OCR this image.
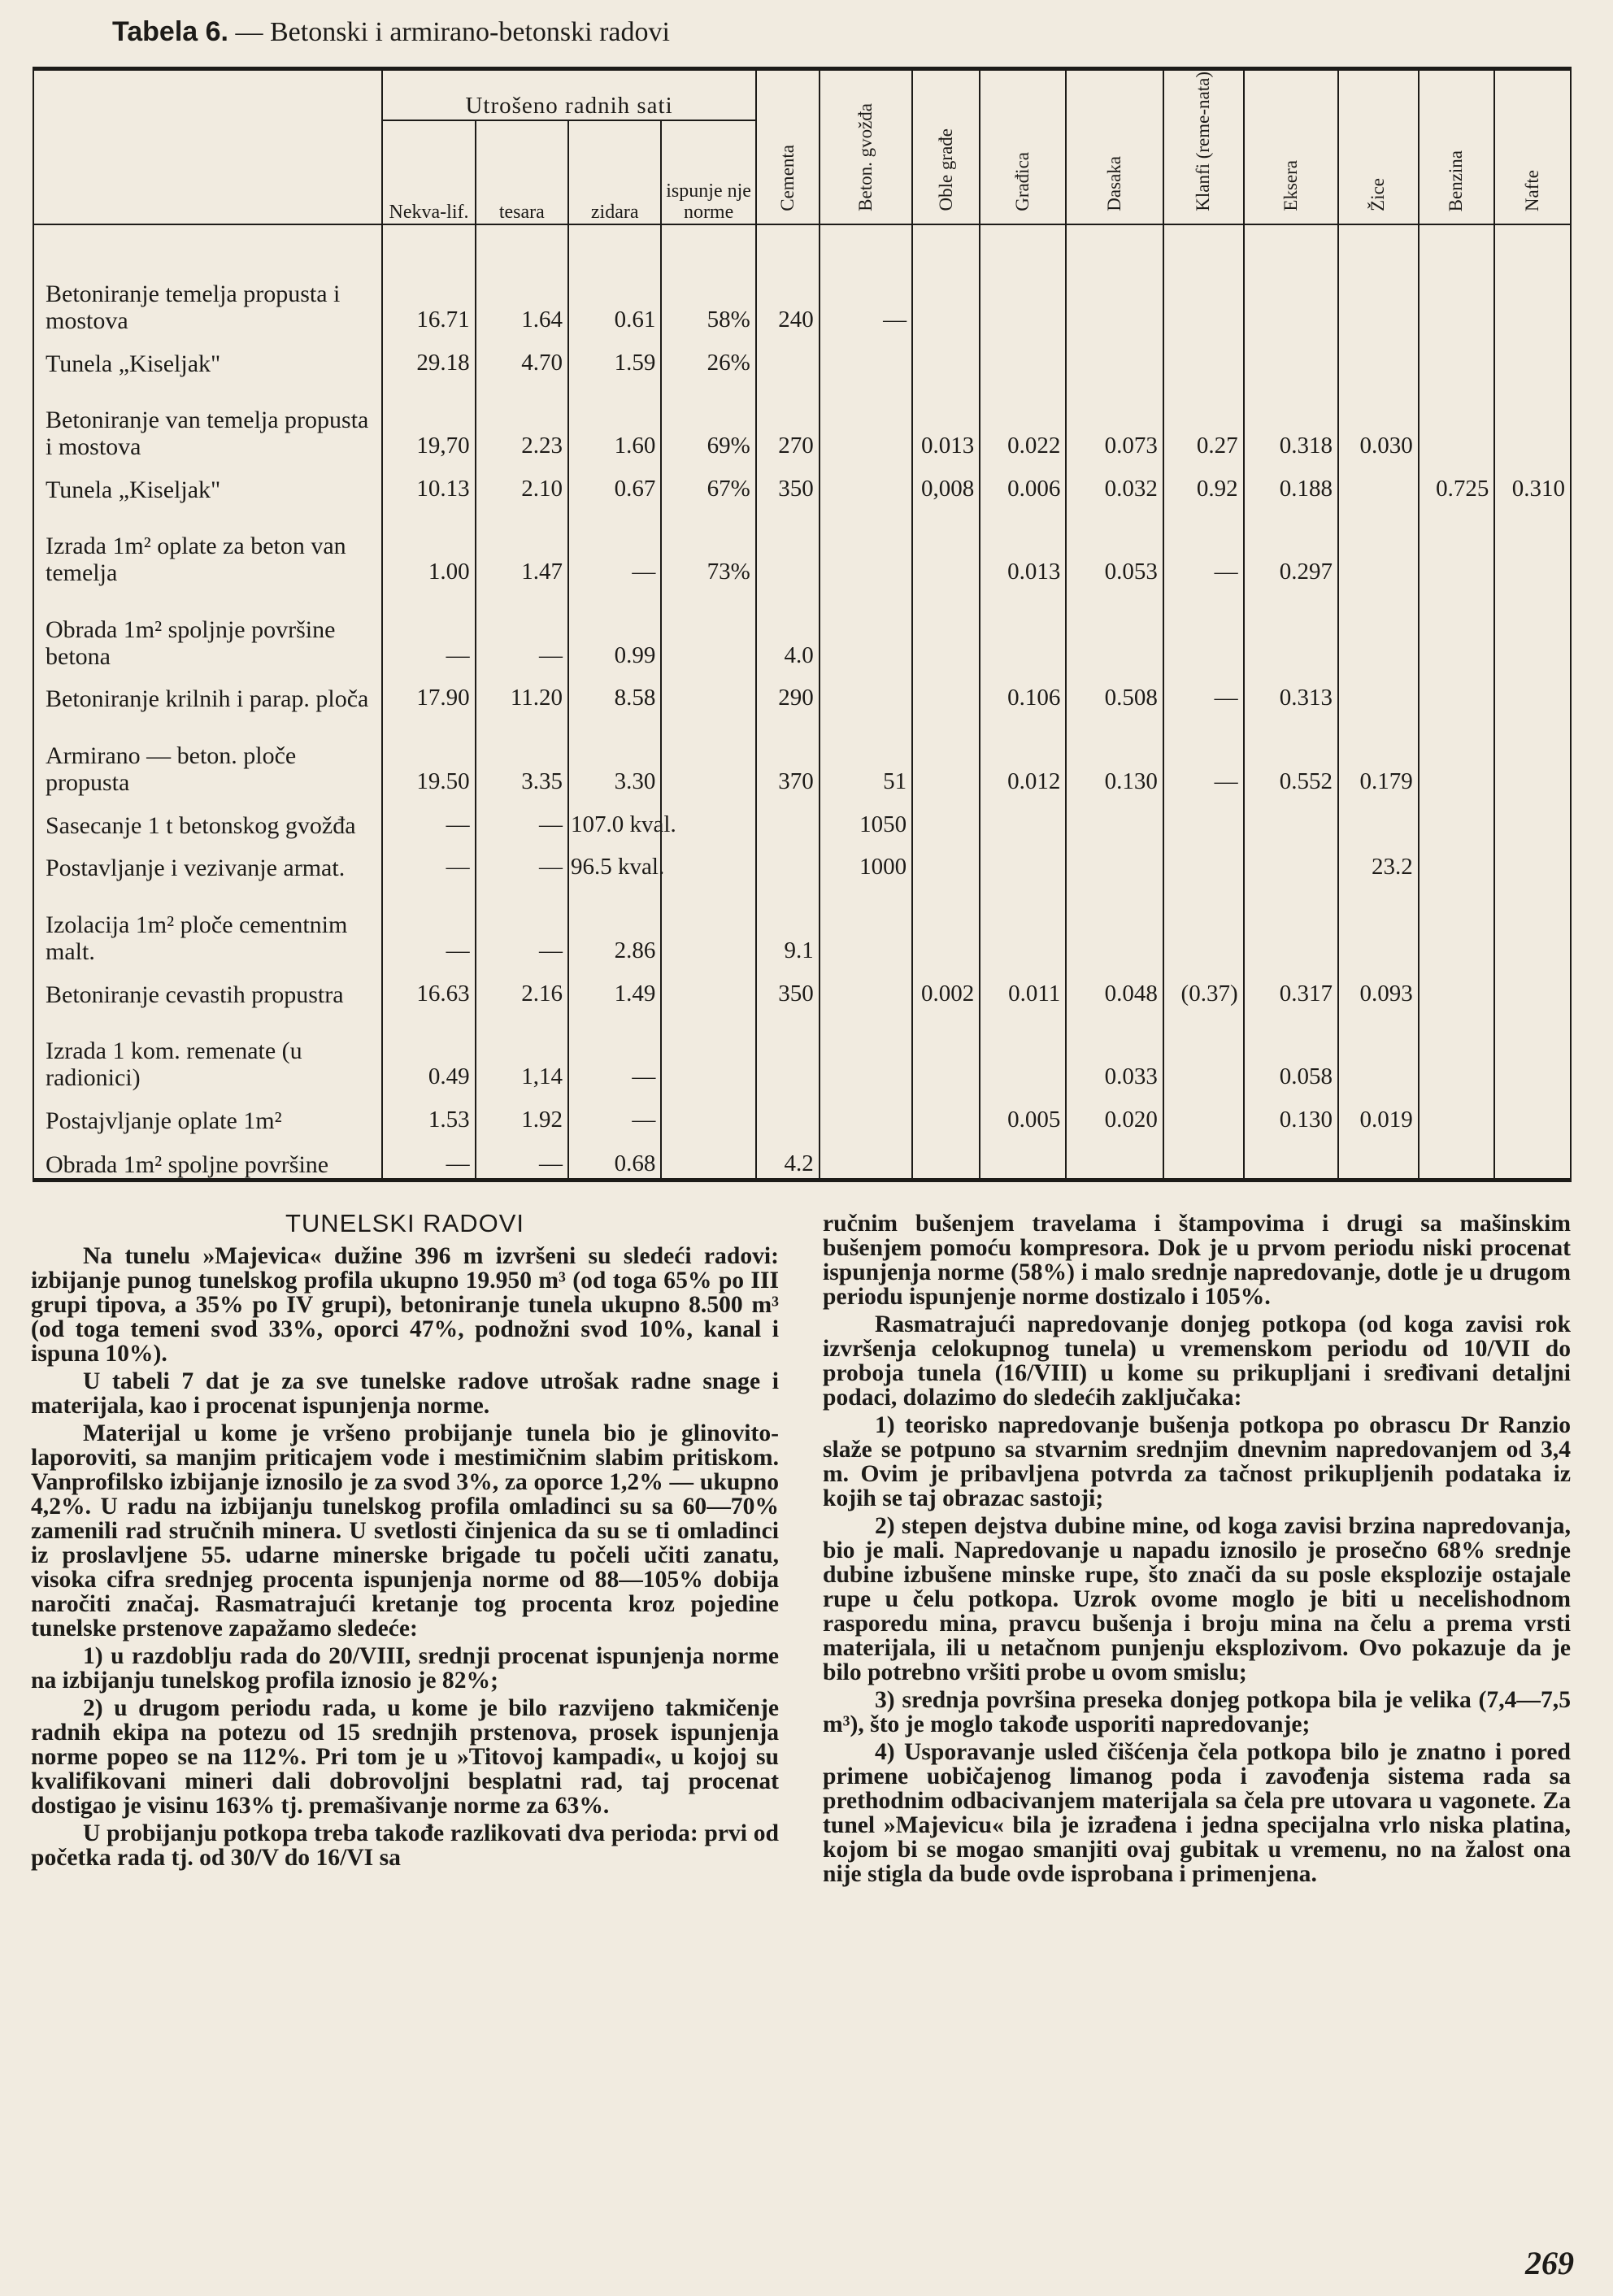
Tabela 6. — Betonski i armirano-betonski radovi
	Utrošeno radnih sati				Cementa	Beton. gvožđa	Oble građe	Građica	Dasaka	Klanfi (reme-nata)	Eksera	Žice	Benzina	Nafte
	Nekva-lif.	tesara	zidara	ispunje nje norme										
Betoniranje temelja propusta i mostova	16.71	1.64	0.61	58%	240	—								
Tunela „Kiseljak"	29.18	4.70	1.59	26%										
Betoniranje van temelja propusta i mostova	19,70	2.23	1.60	69%	270		0.013	0.022	0.073	0.27	0.318	0.030		
Tunela „Kiseljak"	10.13	2.10	0.67	67%	350		0,008	0.006	0.032	0.92	0.188		0.725	0.310
Izrada 1m² oplate za beton van temelja	1.00	1.47	—	73%				0.013	0.053	—	0.297			
Obrada 1m² spoljnje površine betona	—	—	0.99		4.0									
Betoniranje krilnih i parap. ploča	17.90	11.20	8.58		290			0.106	0.508	—	0.313			
Armirano — beton. ploče propusta	19.50	3.35	3.30		370	51		0.012	0.130	—	0.552	0.179		
Sasecanje 1 t betonskog gvožđa	—	—	107.0 kval.			1050								
Postavljanje i vezivanje armat.	—	—	96.5 kval.			1000						23.2		
Izolacija 1m² ploče cementnim malt.	—	—	2.86		9.1									
Betoniranje cevastih propustra	16.63	2.16	1.49		350		0.002	0.011	0.048	(0.37)	0.317	0.093		
Izrada 1 kom. remenate (u radionici)	0.49	1,14	—						0.033		0.058			
Postajvljanje oplate 1m²	1.53	1.92	—					0.005	0.020		0.130	0.019		
Obrada 1m² spoljne površine	—	—	0.68		4.2									
TUNELSKI RADOVI

Na tunelu »Majevica« dužine 396 m izvršeni su sledeći radovi: izbijanje punog tunelskog profila ukupno 19.950 m³ (od toga 65% po III grupi tipova, a 35% po IV grupi), betoniranje tunela ukupno 8.500 m³ (od toga temeni svod 33%, oporci 47%, podnožni svod 10%, kanal i ispuna 10%).

U tabeli 7 dat je za sve tunelske radove utrošak radne snage i materijala, kao i procenat ispunjenja norme.

Materijal u kome je vršeno probijanje tunela bio je glinovito-laporoviti, sa manjim priticajem vode i mestimičnim slabim pritiskom. Vanprofilsko izbijanje iznosilo je za svod 3%, za oporce 1,2% — ukupno 4,2%. U radu na izbijanju tunelskog profila omladinci su sa 60—70% zamenili rad stručnih minera. U svetlosti činjenica da su se ti omladinci iz proslavljene 55. udarne minerske brigade tu počeli učiti zanatu, visoka cifra srednjeg procenta ispunjenja norme od 88—105% dobija naročiti značaj. Rasmatrajući kretanje tog procenta kroz pojedine tunelske prstenove zapažamo sledeće:

1) u razdoblju rada do 20/VIII, srednji procenat ispunjenja norme na izbijanju tunelskog profila iznosio je 82%;

2) u drugom periodu rada, u kome je bilo razvijeno takmičenje radnih ekipa na potezu od 15 srednjih prstenova, prosek ispunjenja norme popeo se na 112%. Pri tom je u »Titovoj kampadi«, u kojoj su kvalifikovani mineri dali dobrovoljni besplatni rad, taj procenat dostigao je visinu 163% tj. premašivanje norme za 63%.

U probijanju potkopa treba takođe razlikovati dva perioda: prvi od početka rada tj. od 30/V do 16/VI sa

ručnim bušenjem travelama i štampovima i drugi sa mašinskim bušenjem pomoću kompresora. Dok je u prvom periodu niski procenat ispunjenja norme (58%) i malo srednje napredovanje, dotle je u drugom periodu ispunjenje norme dostizalo i 105%.

Rasmatrajući napredovanje donjeg potkopa (od koga zavisi rok izvršenja celokupnog tunela) u vremenskom periodu od 10/VII do proboja tunela (16/VIII) u kome su prikupljani i sređivani detaljni podaci, dolazimo do sledećih zaključaka:

1) teorisko napredovanje bušenja potkopa po obrascu Dr Ranzio slaže se potpuno sa stvarnim srednjim dnevnim napredovanjem od 3,4 m. Ovim je pribavljena potvrda za tačnost prikupljenih podataka iz kojih se taj obrazac sastoji;

2) stepen dejstva dubine mine, od koga zavisi brzina napredovanja, bio je mali. Napredovanje u napadu iznosilo je prosečno 68% srednje dubine izbušene minske rupe, što znači da su posle eksplozije ostajale rupe u čelu potkopa. Uzrok ovome moglo je biti u necelishodnom rasporedu mina, pravcu bušenja i broju mina na čelu a prema vrsti materijala, ili u netačnom punjenju eksplozivom. Ovo pokazuje da je bilo potrebno vršiti probe u ovom smislu;

3) srednja površina preseka donjeg potkopa bila je velika (7,4—7,5 m³), što je moglo takođe usporiti napredovanje;

4) Usporavanje usled čišćenja čela potkopa bilo je znatno i pored primene uobičajenog limanog poda i zavođenja sistema rada sa prethodnim odbacivanjem materijala sa čela pre utovara u vagonete. Za tunel »Majevicu« bila je izrađena i jedna specijalna vrlo niska platina, kojom bi se mogao smanjiti ovaj gubitak u vremenu, no na žalost ona nije stigla da bude ovde isprobana i primenjena.

269
